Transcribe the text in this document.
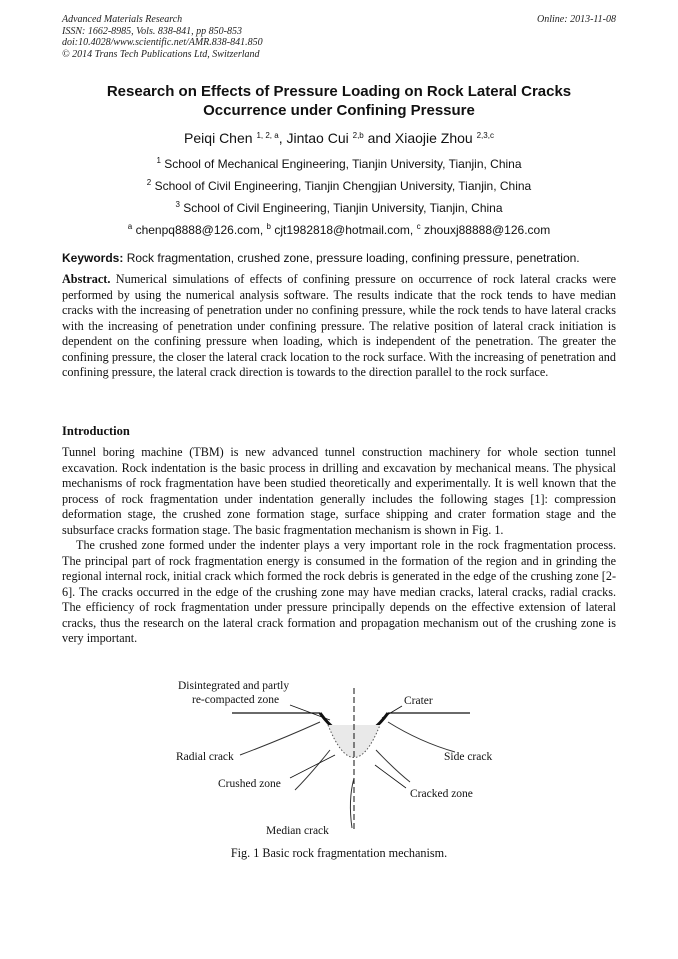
Advanced Materials Research
ISSN: 1662-8985, Vols. 838-841, pp 850-853
doi:10.4028/www.scientific.net/AMR.838-841.850
© 2014 Trans Tech Publications Ltd, Switzerland
Online: 2013-11-08
Research on Effects of Pressure Loading on Rock Lateral Cracks
Occurrence under Confining Pressure
Peiqi Chen $^{1, 2, a}$, Jintao Cui $^{2,b}$ and Xiaojie Zhou $^{2,3,c}$
$^1$ School of Mechanical Engineering, Tianjin University, Tianjin, China
$^2$ School of Civil Engineering, Tianjin Chengjian University, Tianjin, China
$^3$ School of Civil Engineering, Tianjin University, Tianjin, China
$^a$ chenpq8888@126.com, $^b$ cjt1982818@hotmail.com, $^c$ zhouxj88888@126.com
Keywords: Rock fragmentation, crushed zone, pressure loading, confining pressure, penetration.
Abstract. Numerical simulations of effects of confining pressure on occurrence of rock lateral cracks were performed by using the numerical analysis software. The results indicate that the rock tends to have median cracks with the increasing of penetration under no confining pressure, while the rock tends to have lateral cracks with the increasing of penetration under confining pressure. The relative position of lateral crack initiation is dependent on the confining pressure when loading, which is independent of the penetration. The greater the confining pressure, the closer the lateral crack location to the rock surface. With the increasing of penetration and confining pressure, the lateral crack direction is towards to the direction parallel to the rock surface.
Introduction

Tunnel boring machine (TBM) is new advanced tunnel construction machinery for whole section tunnel excavation. Rock indentation is the basic process in drilling and excavation by mechanical means. The physical mechanisms of rock fragmentation have been studied theoretically and experimentally. It is well known that the process of rock fragmentation under indentation generally includes the following stages [1]: compression deformation stage, the crushed zone formation stage, surface shipping and crater formation stage and the subsurface cracks formation stage. The basic fragmentation mechanism is shown in Fig. 1.

The crushed zone formed under the indenter plays a very important role in the rock fragmentation process. The principal part of rock fragmentation energy is consumed in the formation of the region and in grinding the regional internal rock, initial crack which formed the rock debris is generated in the edge of the crushing zone [2-6]. The cracks occurred in the edge of the crushing zone may have median cracks, lateral cracks, radial cracks. The efficiency of rock fragmentation under pressure principally depends on the effective extension of lateral cracks, thus the research on the lateral crack formation and propagation mechanism out of the crushing zone is very important.

Disintegrated and partly
re-compacted zone	Crater
Radial crack	Side crack
Crushed zone
Cracked zone
Median crack
Fig. 1 Basic rock fragmentation mechanism.
